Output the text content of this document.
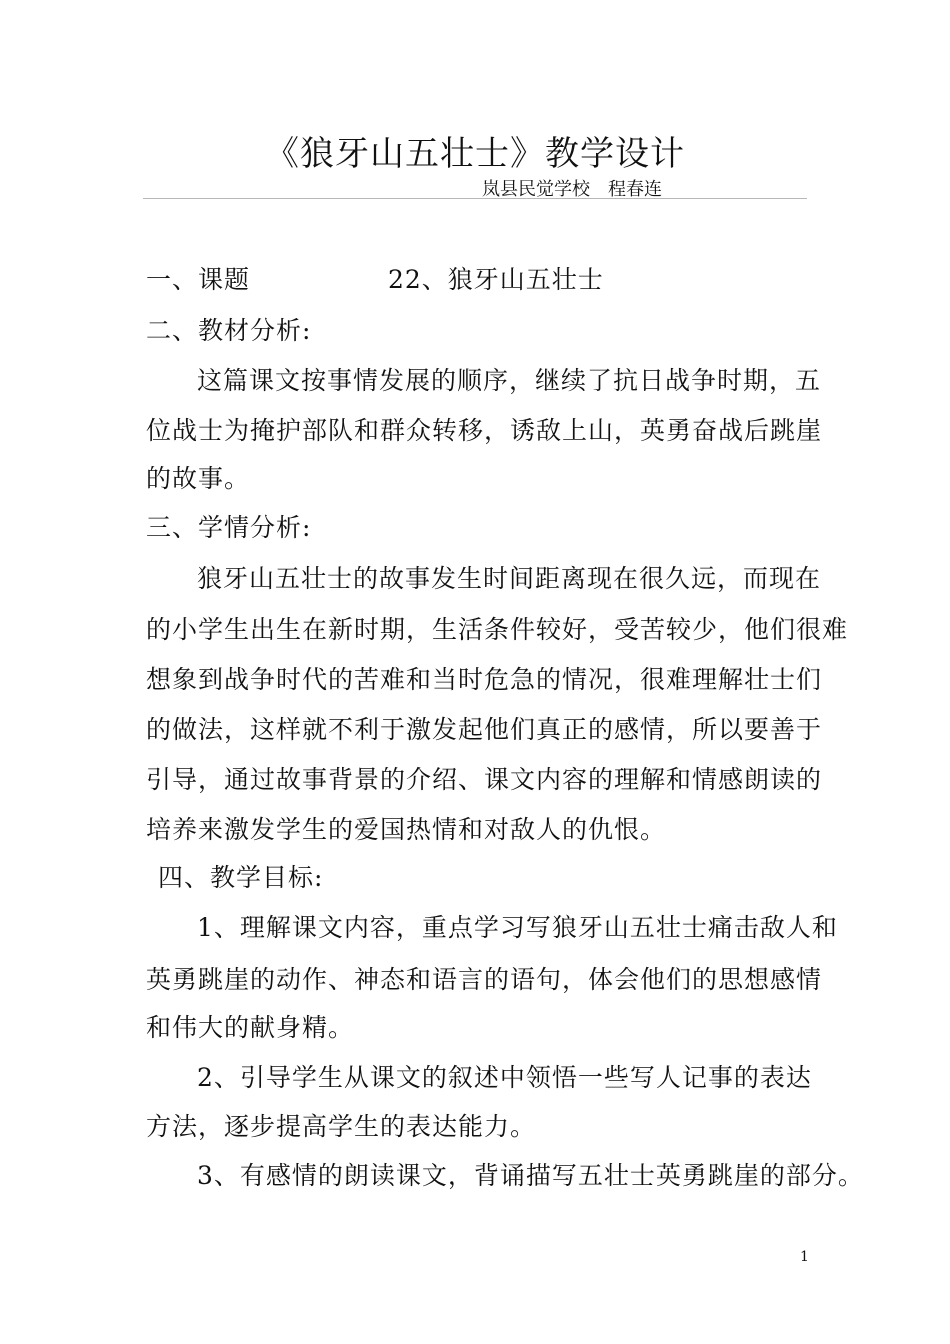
《狼牙山五壮士》教学设计
岚县民觉学校　程春连
一、课题	22、狼牙山五壮士
二、教材分析:
这篇课文按事情发展的顺序，继续了抗日战争时期，五
位战士为掩护部队和群众转移，诱敌上山，英勇奋战后跳崖
的故事。
三、学情分析:
狼牙山五壮士的故事发生时间距离现在很久远，而现在
的小学生出生在新时期，生活条件较好，受苦较少，他们很难
想象到战争时代的苦难和当时危急的情况，很难理解壮士们
的做法，这样就不利于激发起他们真正的感情，所以要善于
引导，通过故事背景的介绍、课文内容的理解和情感朗读的
培养来激发学生的爱国热情和对敌人的仇恨。
四、教学目标:
1、理解课文内容，重点学习写狼牙山五壮士痛击敌人和
英勇跳崖的动作、神态和语言的语句，体会他们的思想感情
和伟大的献身精。
2、引导学生从课文的叙述中领悟一些写人记事的表达
方法，逐步提高学生的表达能力。
3、有感情的朗读课文，背诵描写五壮士英勇跳崖的部分。
1
